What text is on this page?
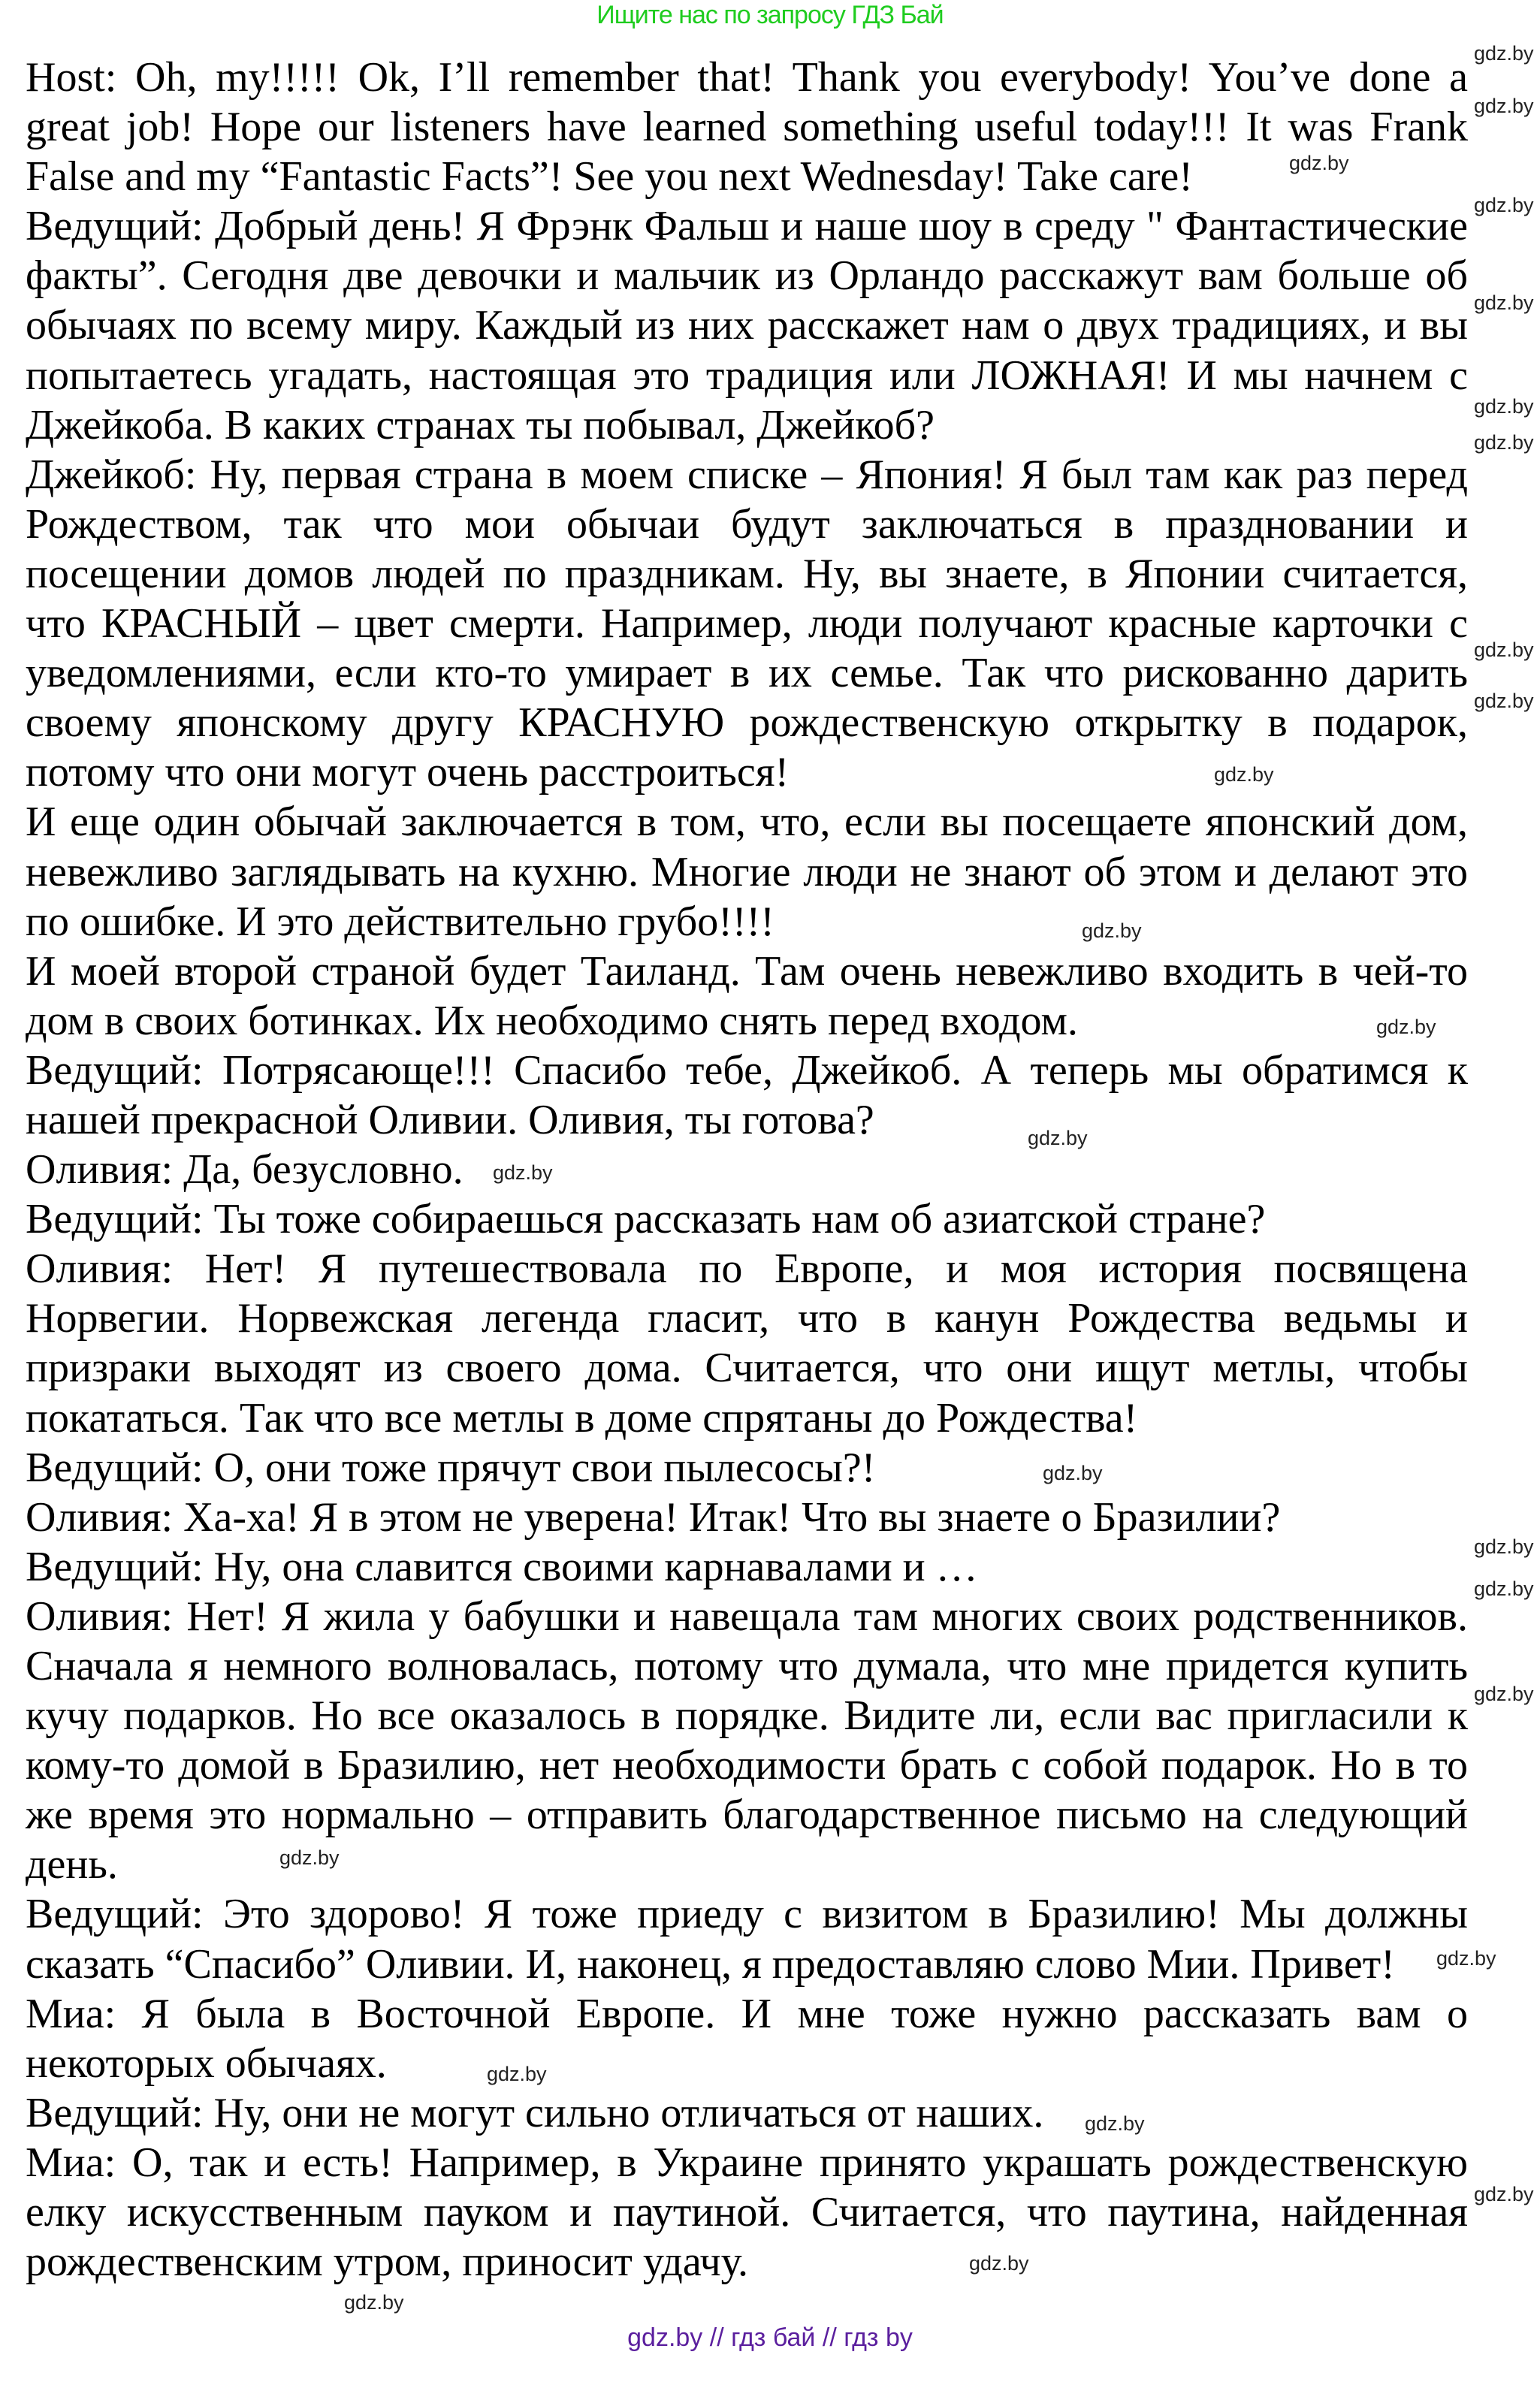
Ищите нас по запросу ГДЗ Бай
Host: Oh, my!!!!! Ok, I’ll remember that! Thank you everybody! You’ve done a
great job! Hope our listeners have learned something useful today!!! It was Frank
False and my “Fantastic Facts”! See you next Wednesday! Take care!
Ведущий: Добрый день! Я Фрэнк Фальш и наше шоу в среду " Фантастические
факты”. Сегодня две девочки и мальчик из Орландо расскажут вам больше об
обычаях по всему миру. Каждый из них расскажет нам о двух традициях, и вы
попытаетесь угадать, настоящая это традиция или ЛОЖНАЯ! И мы начнем с
Джейкоба. В каких странах ты побывал, Джейкоб?
Джейкоб: Ну, первая страна в моем списке – Япония! Я был там как раз перед
Рождеством, так что мои обычаи будут заключаться в праздновании и
посещении домов людей по праздникам. Ну, вы знаете, в Японии считается,
что КРАСНЫЙ – цвет смерти. Например, люди получают красные карточки с
уведомлениями, если кто-то умирает в их семье. Так что рискованно дарить
своему японскому другу КРАСНУЮ рождественскую открытку в подарок,
потому что они могут очень расстроиться!
И еще один обычай заключается в том, что, если вы посещаете японский дом,
невежливо заглядывать на кухню. Многие люди не знают об этом и делают это
по ошибке. И это действительно грубо!!!!
И моей второй страной будет Таиланд. Там очень невежливо входить в чей-то
дом в своих ботинках. Их необходимо снять перед входом.
Ведущий: Потрясающе!!! Спасибо тебе, Джейкоб. А теперь мы обратимся к
нашей прекрасной Оливии. Оливия, ты готова?
Оливия: Да, безусловно.
Ведущий: Ты тоже собираешься рассказать нам об азиатской стране?
Оливия: Нет! Я путешествовала по Европе, и моя история посвящена
Норвегии. Норвежская легенда гласит, что в канун Рождества ведьмы и
призраки выходят из своего дома. Считается, что они ищут метлы, чтобы
покататься. Так что все метлы в доме спрятаны до Рождества!
Ведущий: О, они тоже прячут свои пылесосы?!
Оливия: Ха-ха! Я в этом не уверена! Итак! Что вы знаете о Бразилии?
Ведущий: Ну, она славится своими карнавалами и …
Оливия: Нет! Я жила у бабушки и навещала там многих своих родственников.
Сначала я немного волновалась, потому что думала, что мне придется купить
кучу подарков. Но все оказалось в порядке. Видите ли, если вас пригласили к
кому-то домой в Бразилию, нет необходимости брать с собой подарок. Но в то
же время это нормально – отправить благодарственное письмо на следующий
день.
Ведущий: Это здорово! Я тоже приеду с визитом в Бразилию! Мы должны
сказать “Спасибо” Оливии. И, наконец, я предоставляю слово Мии. Привет!
Миа: Я была в Восточной Европе. И мне тоже нужно рассказать вам о
некоторых обычаях.
Ведущий: Ну, они не могут сильно отличаться от наших.
Миа: О, так и есть! Например, в Украине принято украшать рождественскую
елку искусственным пауком и паутиной. Считается, что паутина, найденная
рождественским утром, приносит удачу.
gdz.by
gdz.by
gdz.by
gdz.by
gdz.by
gdz.by
gdz.by
gdz.by
gdz.by
gdz.by
gdz.by
gdz.by
gdz.by
gdz.by
gdz.by
gdz.by
gdz.by
gdz.by
gdz.by
gdz.by
gdz.by
gdz.by
gdz.by
gdz.by
gdz.by
gdz.by // гдз бай // гдз by
